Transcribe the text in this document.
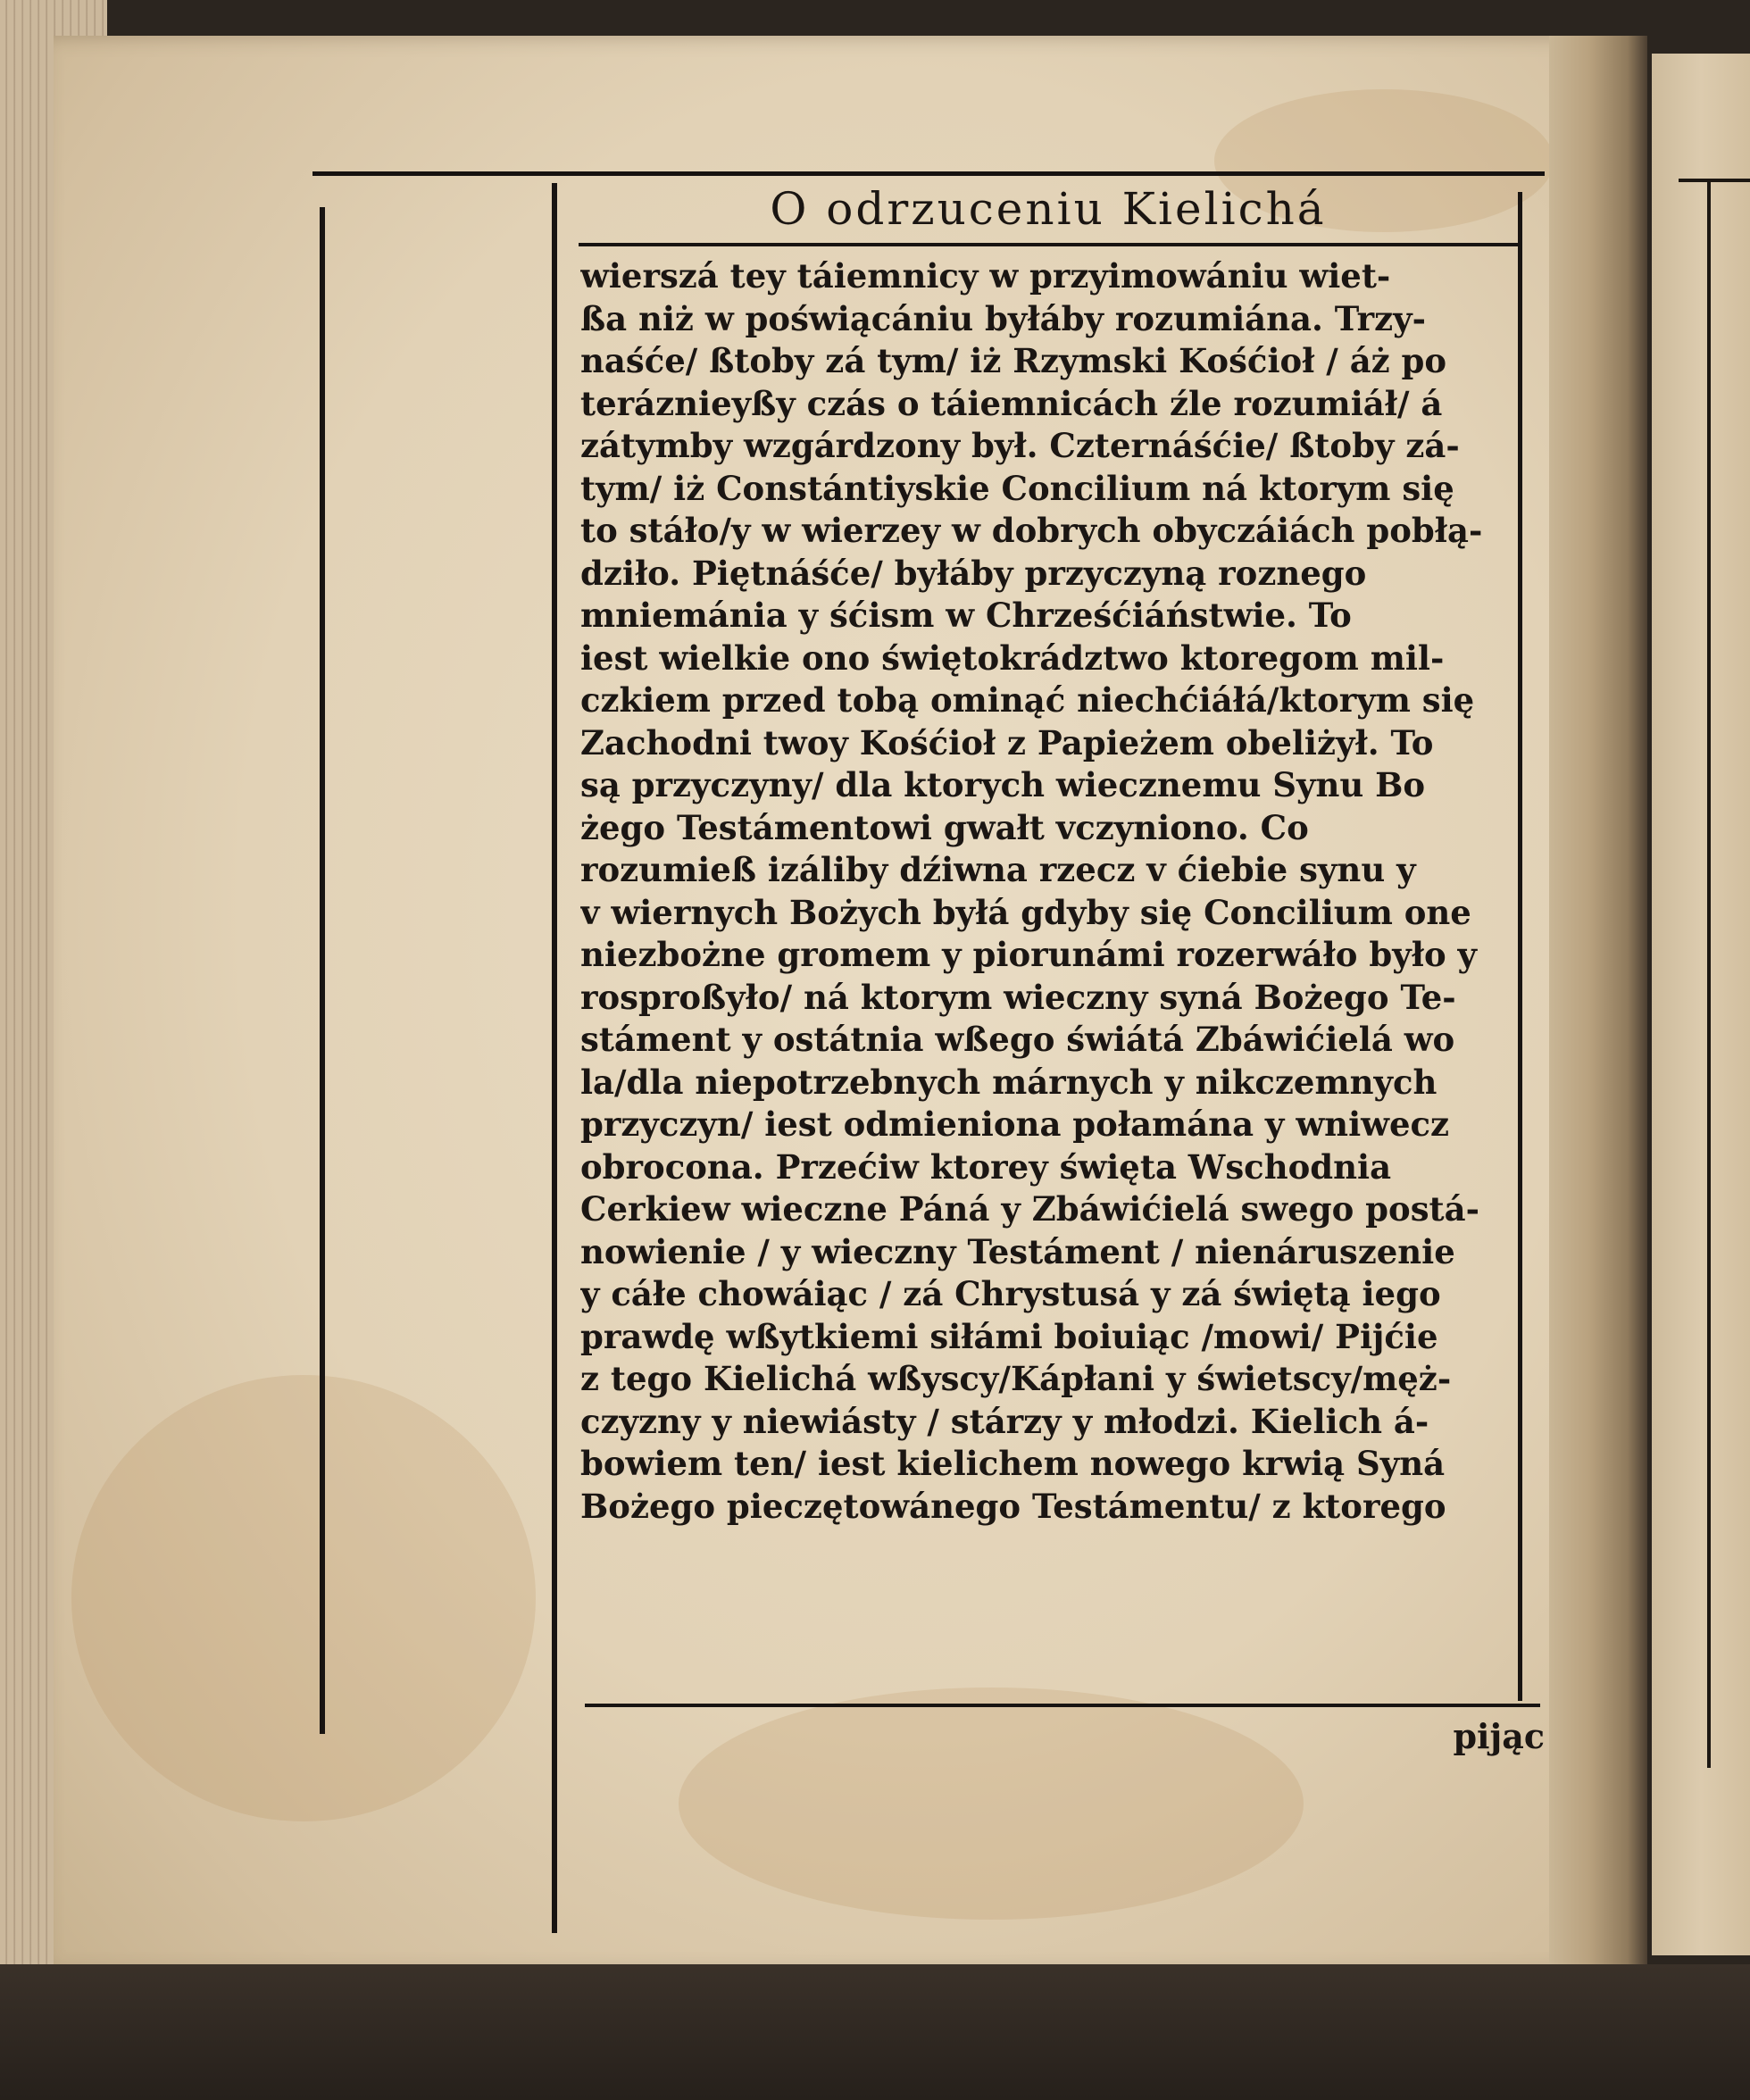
O odrzuceniu Kielichá
wierszá tey táiemnicy w przyimowániu wiet-
ßa niż w poświącániu byłáby rozumiána. Trzy-
naśće/ ßtoby zá tym/ iż Rzymski Kośćioł / áż po
teráznieyßy czás o táiemnicách źle rozumiáł/ á
zátymby wzgárdzony był. Czternáśćie/ ßtoby zá-
tym/ iż Constántiyskie Concilium ná ktorym się
to stáło/y w wierzey w dobrych obyczáiách pobłą-
dziło. Piętnáśće/ byłáby przyczyną roznego
mniemánia y śćism w Chrześćiáństwie. To
iest wielkie ono świętokrádztwo ktoregom mil-
czkiem przed tobą ominąć niechćiáłá/ktorym się
Zachodni twoy Kośćioł z Papieżem obeliżył. To
są przyczyny/ dla ktorych wiecznemu Synu Bo
żego Testámentowi gwałt vczyniono. Co
rozumieß izáliby dźiwna rzecz v ćiebie synu y
v wiernych Bożych byłá gdyby się Concilium one
niezbożne gromem y piorunámi rozerwáło było y
rosproßyło/ ná ktorym wieczny syná Bożego Te-
stáment y ostátnia wßego świátá Zbáwićielá wo
la/dla niepotrzebnych márnych y nikczemnych
przyczyn/ iest odmieniona połamána y wniwecz
obrocona. Przećiw ktorey święta Wschodnia
Cerkiew wieczne Páná y Zbáwićielá swego postá-
nowienie / y wieczny Testáment / nienáruszenie
y cáłe chowáiąc / zá Chrystusá y zá świętą iego
prawdę wßytkiemi siłámi boiuiąc /mowi/ Pijćie
z tego Kielichá wßyscy/Kápłani y świetscy/męż-
czyzny y niewiásty / stárzy y młodzi. Kielich á-
bowiem ten/ iest kielichem nowego krwią Syná
Bożego pieczętowánego Testámentu/ z ktorego
pijąc
